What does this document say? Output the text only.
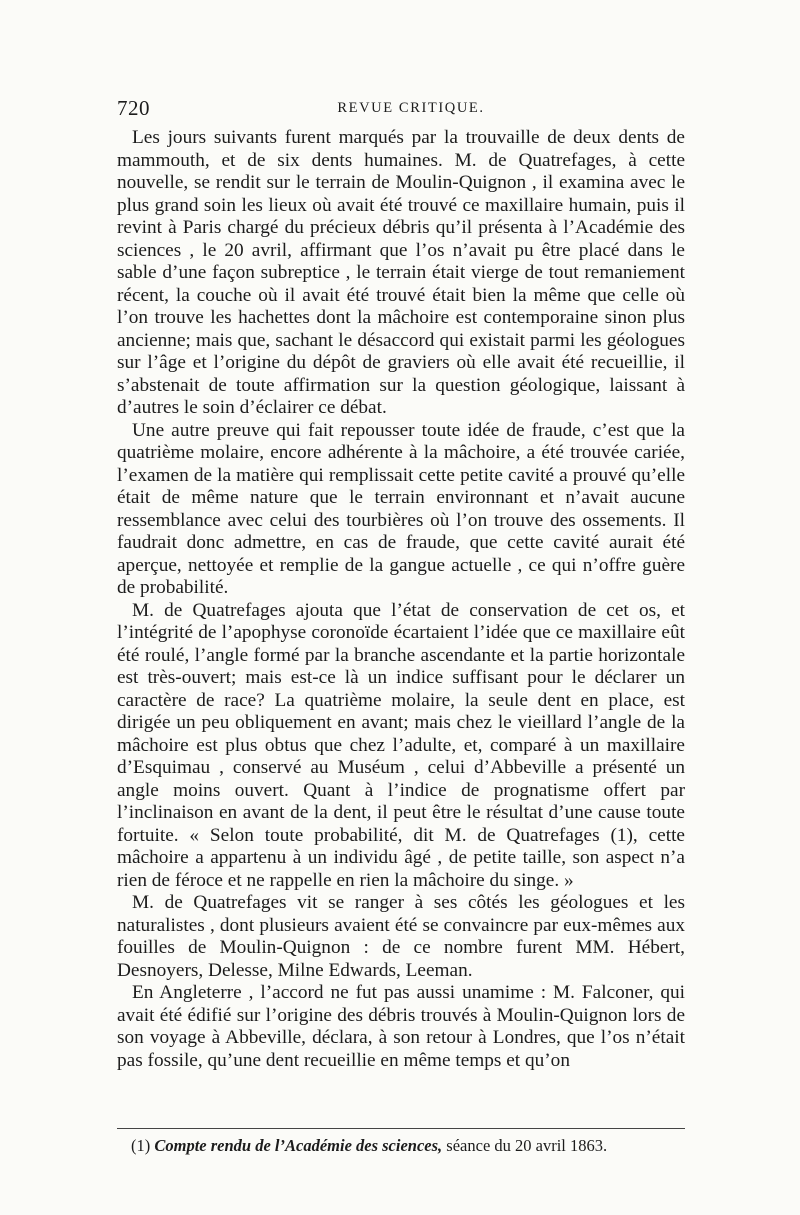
720	REVUE CRITIQUE.

Les jours suivants furent marqués par la trouvaille de deux dents de mammouth, et de six dents humaines. M. de Quatrefages, à cette nouvelle, se rendit sur le terrain de Moulin-Quignon , il examina avec le plus grand soin les lieux où avait été trouvé ce maxillaire humain, puis il revint à Paris chargé du précieux débris qu’il présenta à l’Académie des sciences , le 20 avril, affirmant que l’os n’avait pu être placé dans le sable d’une façon subreptice , le terrain était vierge de tout remaniement récent, la couche où il avait été trouvé était bien la même que celle où l’on trouve les hachettes dont la mâchoire est contemporaine sinon plus ancienne; mais que, sachant le désaccord qui existait parmi les géologues sur l’âge et l’origine du dépôt de graviers où elle avait été recueillie, il s’abstenait de toute affirmation sur la question géologique, laissant à d’autres le soin d’éclairer ce débat.

Une autre preuve qui fait repousser toute idée de fraude, c’est que la quatrième molaire, encore adhérente à la mâchoire, a été trouvée cariée, l’examen de la matière qui remplissait cette petite cavité a prouvé qu’elle était de même nature que le terrain environnant et n’avait aucune ressemblance avec celui des tourbières où l’on trouve des ossements. Il faudrait donc admettre, en cas de fraude, que cette cavité aurait été aperçue, nettoyée et remplie de la gangue actuelle , ce qui n’offre guère de probabilité.

M. de Quatrefages ajouta que l’état de conservation de cet os, et l’intégrité de l’apophyse coronoïde écartaient l’idée que ce maxillaire eût été roulé, l’angle formé par la branche ascendante et la partie horizontale est très-ouvert; mais est-ce là un indice suffisant pour le déclarer un caractère de race? La quatrième molaire, la seule dent en place, est dirigée un peu obliquement en avant; mais chez le vieillard l’angle de la mâchoire est plus obtus que chez l’adulte, et, comparé à un maxillaire d’Esquimau , conservé au Muséum , celui d’Abbeville a présenté un angle moins ouvert. Quant à l’indice de prognatisme offert par l’inclinaison en avant de la dent, il peut être le résultat d’une cause toute fortuite. « Selon toute probabilité, dit M. de Quatrefages (1), cette mâchoire a appartenu à un individu âgé , de petite taille, son aspect n’a rien de féroce et ne rappelle en rien la mâchoire du singe. »

M. de Quatrefages vit se ranger à ses côtés les géologues et les naturalistes , dont plusieurs avaient été se convaincre par eux-mêmes aux fouilles de Moulin-Quignon : de ce nombre furent MM. Hébert, Desnoyers, Delesse, Milne Edwards, Leeman.

En Angleterre , l’accord ne fut pas aussi unamime : M. Falconer, qui avait été édifié sur l’origine des débris trouvés à Moulin-Quignon lors de son voyage à Abbeville, déclara, à son retour à Londres, que l’os n’était pas fossile, qu’une dent recueillie en même temps et qu’on

(1) Compte rendu de l’Académie des sciences, séance du 20 avril 1863.
